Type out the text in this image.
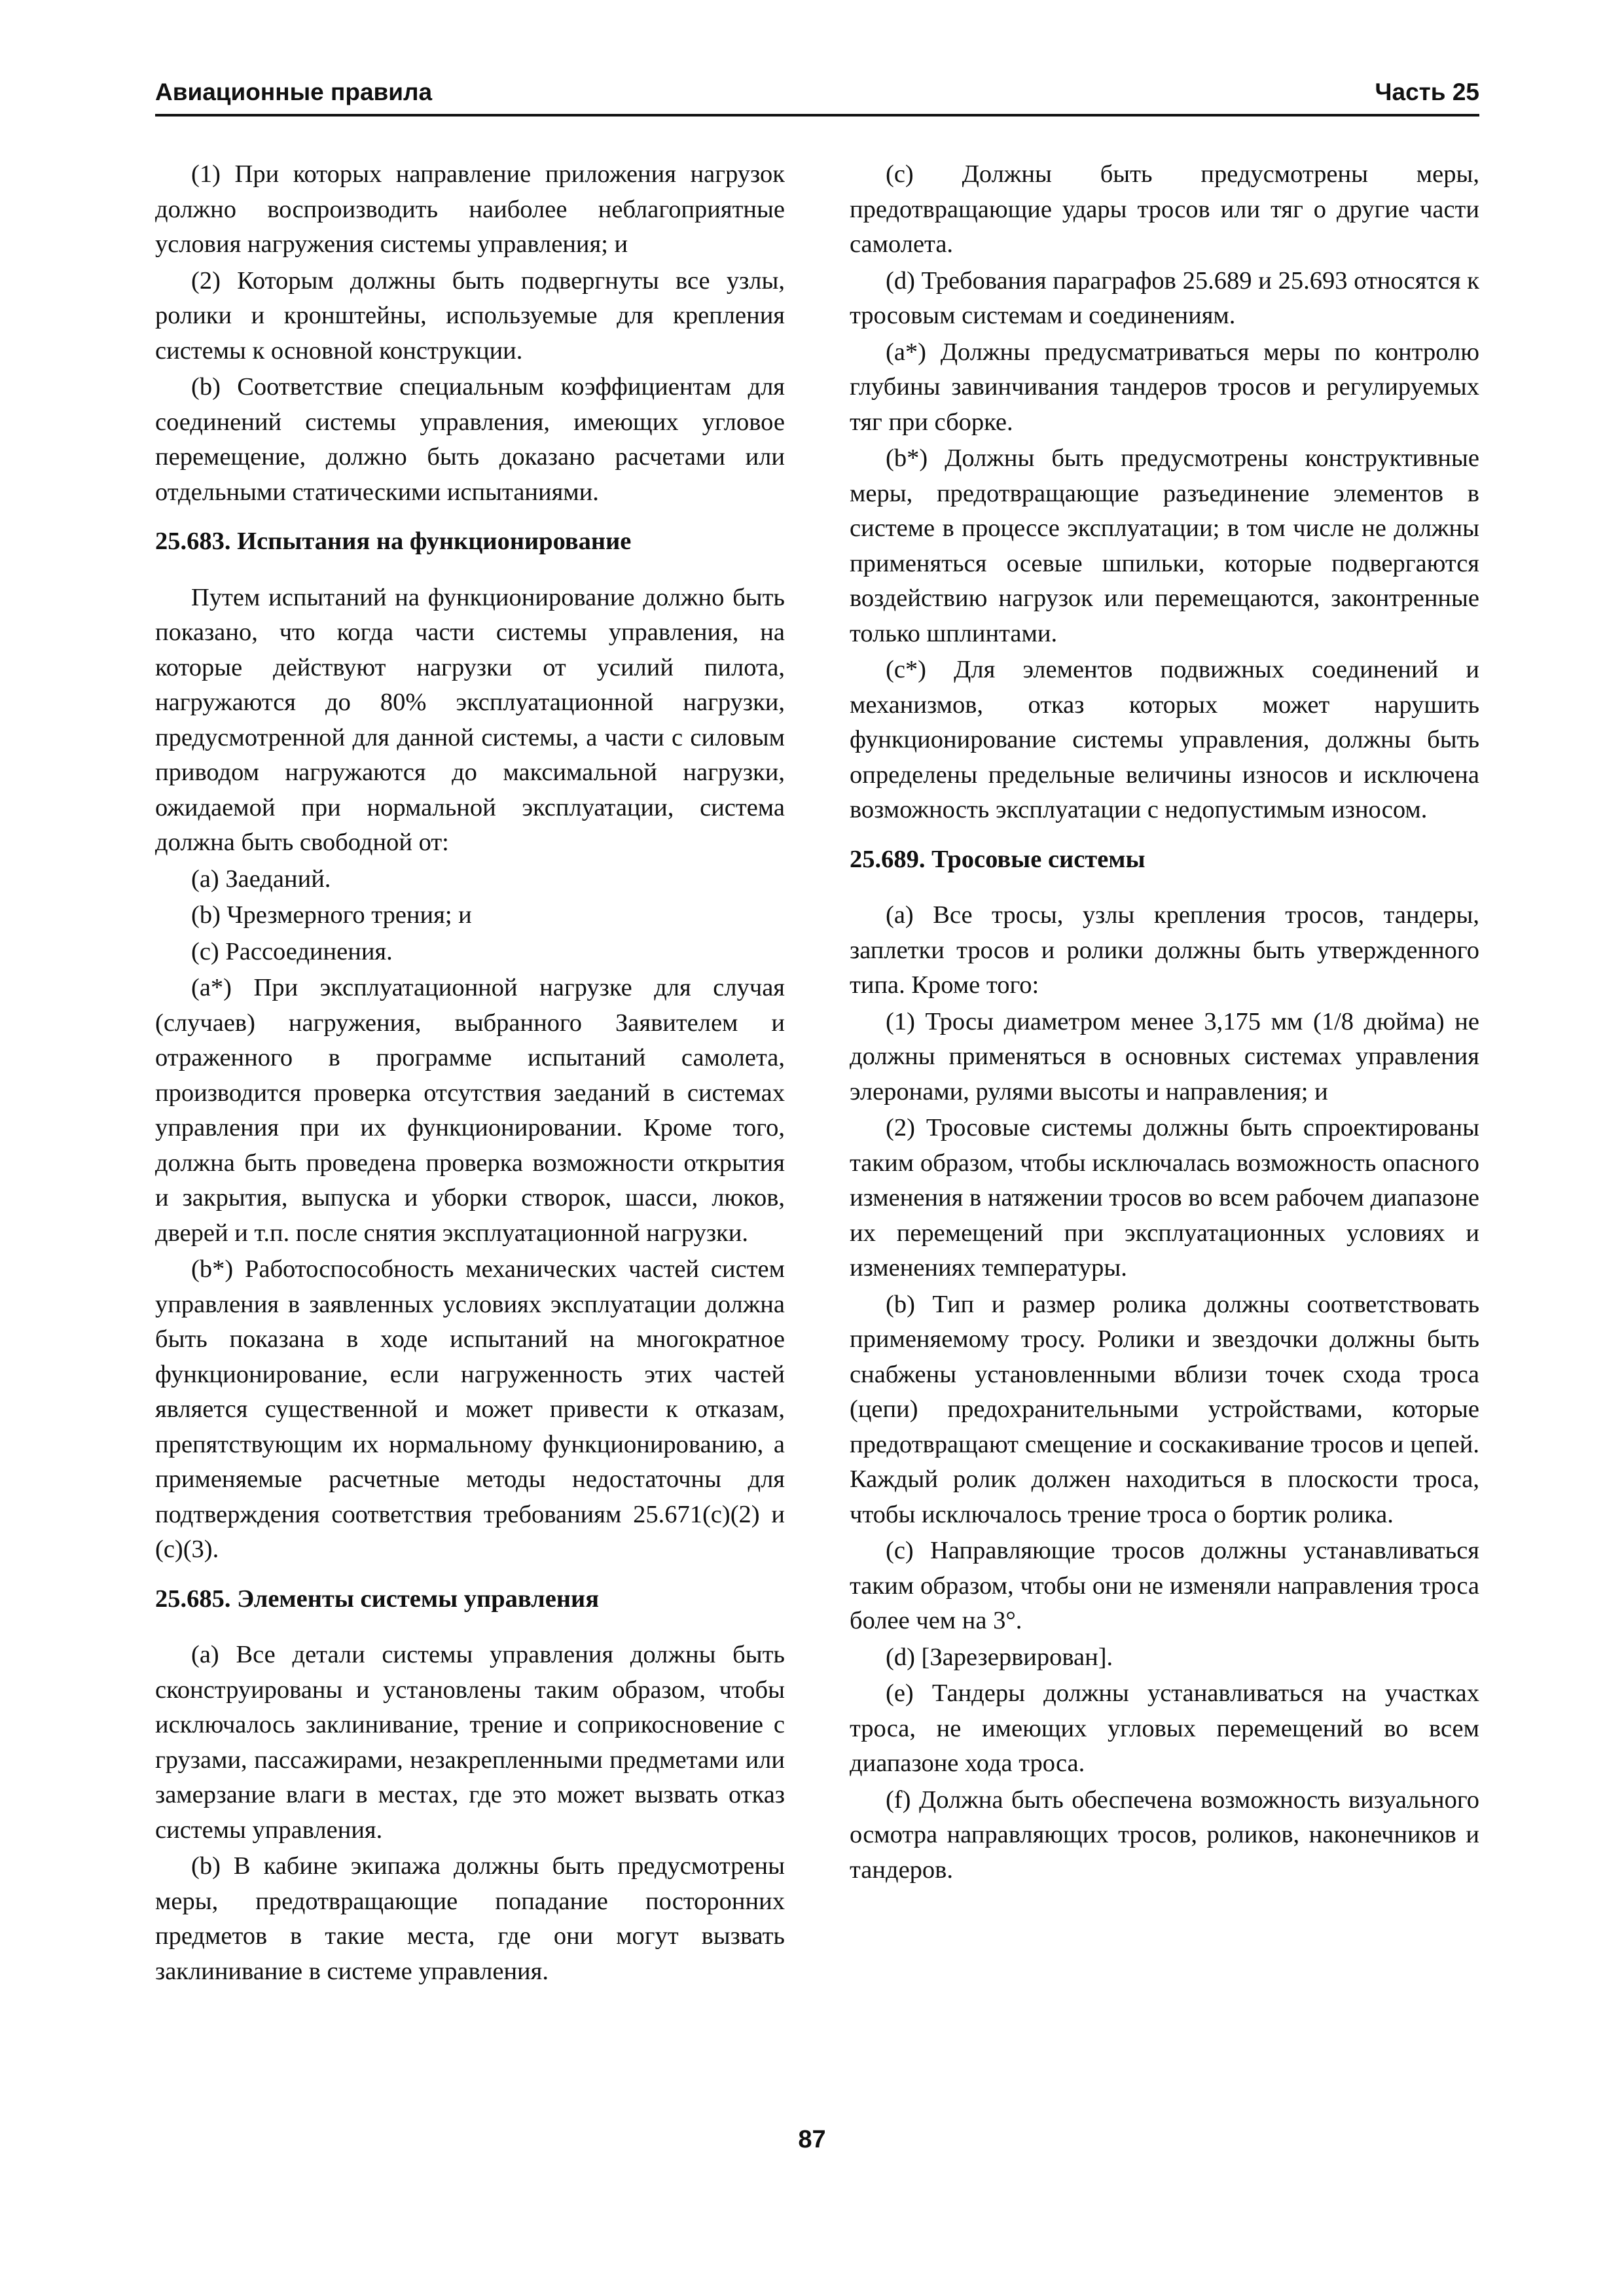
Авиационные правила	Часть 25

(1) При которых направление приложения нагрузок должно воспроизводить наиболее неблагоприятные условия нагружения системы управления; и

(2) Которым должны быть подвергнуты все узлы, ролики и кронштейны, используемые для крепления системы к основной конструкции.

(b) Соответствие специальным коэффициентам для соединений системы управления, имеющих угловое перемещение, должно быть доказано расчетами или отдельными статическими испытаниями.

25.683. Испытания на функционирование

Путем испытаний на функционирование должно быть показано, что когда части системы управления, на которые действуют нагрузки от усилий пилота, нагружаются до 80% эксплуатационной нагрузки, предусмотренной для данной системы, а части с силовым приводом нагружаются до максимальной нагрузки, ожидаемой при нормальной эксплуатации, система должна быть свободной от:

(а) Заеданий.

(b) Чрезмерного трения; и

(с) Рассоединения.

(а*) При эксплуатационной нагрузке для случая (случаев) нагружения, выбранного Заявителем и отраженного в программе испытаний самолета, производится проверка отсутствия заеданий в системах управления при их функционировании. Кроме того, должна быть проведена проверка возможности открытия и закрытия, выпуска и уборки створок, шасси, люков, дверей и т.п. после снятия эксплуатационной нагрузки.

(b*) Работоспособность механических частей систем управления в заявленных условиях эксплуатации должна быть показана в ходе испытаний на многократное функционирование, если нагруженность этих частей является существенной и может привести к отказам, препятствующим их нормальному функционированию, а применяемые расчетные методы недостаточны для подтверждения соответствия требованиям 25.671(c)(2) и (c)(3).

25.685. Элементы системы управления

(а) Все детали системы управления должны быть сконструированы и установлены таким образом, чтобы исключалось заклинивание, трение и соприкосновение с грузами, пассажирами, незакрепленными предметами или замерзание влаги в местах, где это может вызвать отказ системы управления.

(b) В кабине экипажа должны быть предусмотрены меры, предотвращающие попадание посторонних предметов в такие места, где они могут вызвать заклинивание в системе управления.

(с) Должны быть предусмотрены меры, предотвращающие удары тросов или тяг о другие части самолета.

(d) Требования параграфов 25.689 и 25.693 относятся к тросовым системам и соединениям.

(а*) Должны предусматриваться меры по контролю глубины завинчивания тандеров тросов и регулируемых тяг при сборке.

(b*) Должны быть предусмотрены конструктивные меры, предотвращающие разъединение элементов в системе в процессе эксплуатации; в том числе не должны применяться осевые шпильки, которые подвергаются воздействию нагрузок или перемещаются, законтренные только шплинтами.

(с*) Для элементов подвижных соединений и механизмов, отказ которых может нарушить функционирование системы управления, должны быть определены предельные величины износов и исключена возможность эксплуатации с недопустимым износом.

25.689. Тросовые системы

(а) Все тросы, узлы крепления тросов, тандеры, заплетки тросов и ролики должны быть утвержденного типа. Кроме того:

(1) Тросы диаметром менее 3,175 мм (1/8 дюйма) не должны применяться в основных системах управления элеронами, рулями высоты и направления; и

(2) Тросовые системы должны быть спроектированы таким образом, чтобы исключалась возможность опасного изменения в натяжении тросов во всем рабочем диапазоне их перемещений при эксплуатационных условиях и изменениях температуры.

(b) Тип и размер ролика должны соответствовать применяемому тросу. Ролики и звездочки должны быть снабжены установленными вблизи точек схода троса (цепи) предохранительными устройствами, которые предотвращают смещение и соскакивание тросов и цепей. Каждый ролик должен находиться в плоскости троса, чтобы исключалось трение троса о бортик ролика.

(с) Направляющие тросов должны устанавливаться таким образом, чтобы они не изменяли направления троса более чем на 3°.

(d) [Зарезервирован].

(е) Тандеры должны устанавливаться на участках троса, не имеющих угловых перемещений во всем диапазоне хода троса.

(f) Должна быть обеспечена возможность визуального осмотра направляющих тросов, роликов, наконечников и тандеров.

87
